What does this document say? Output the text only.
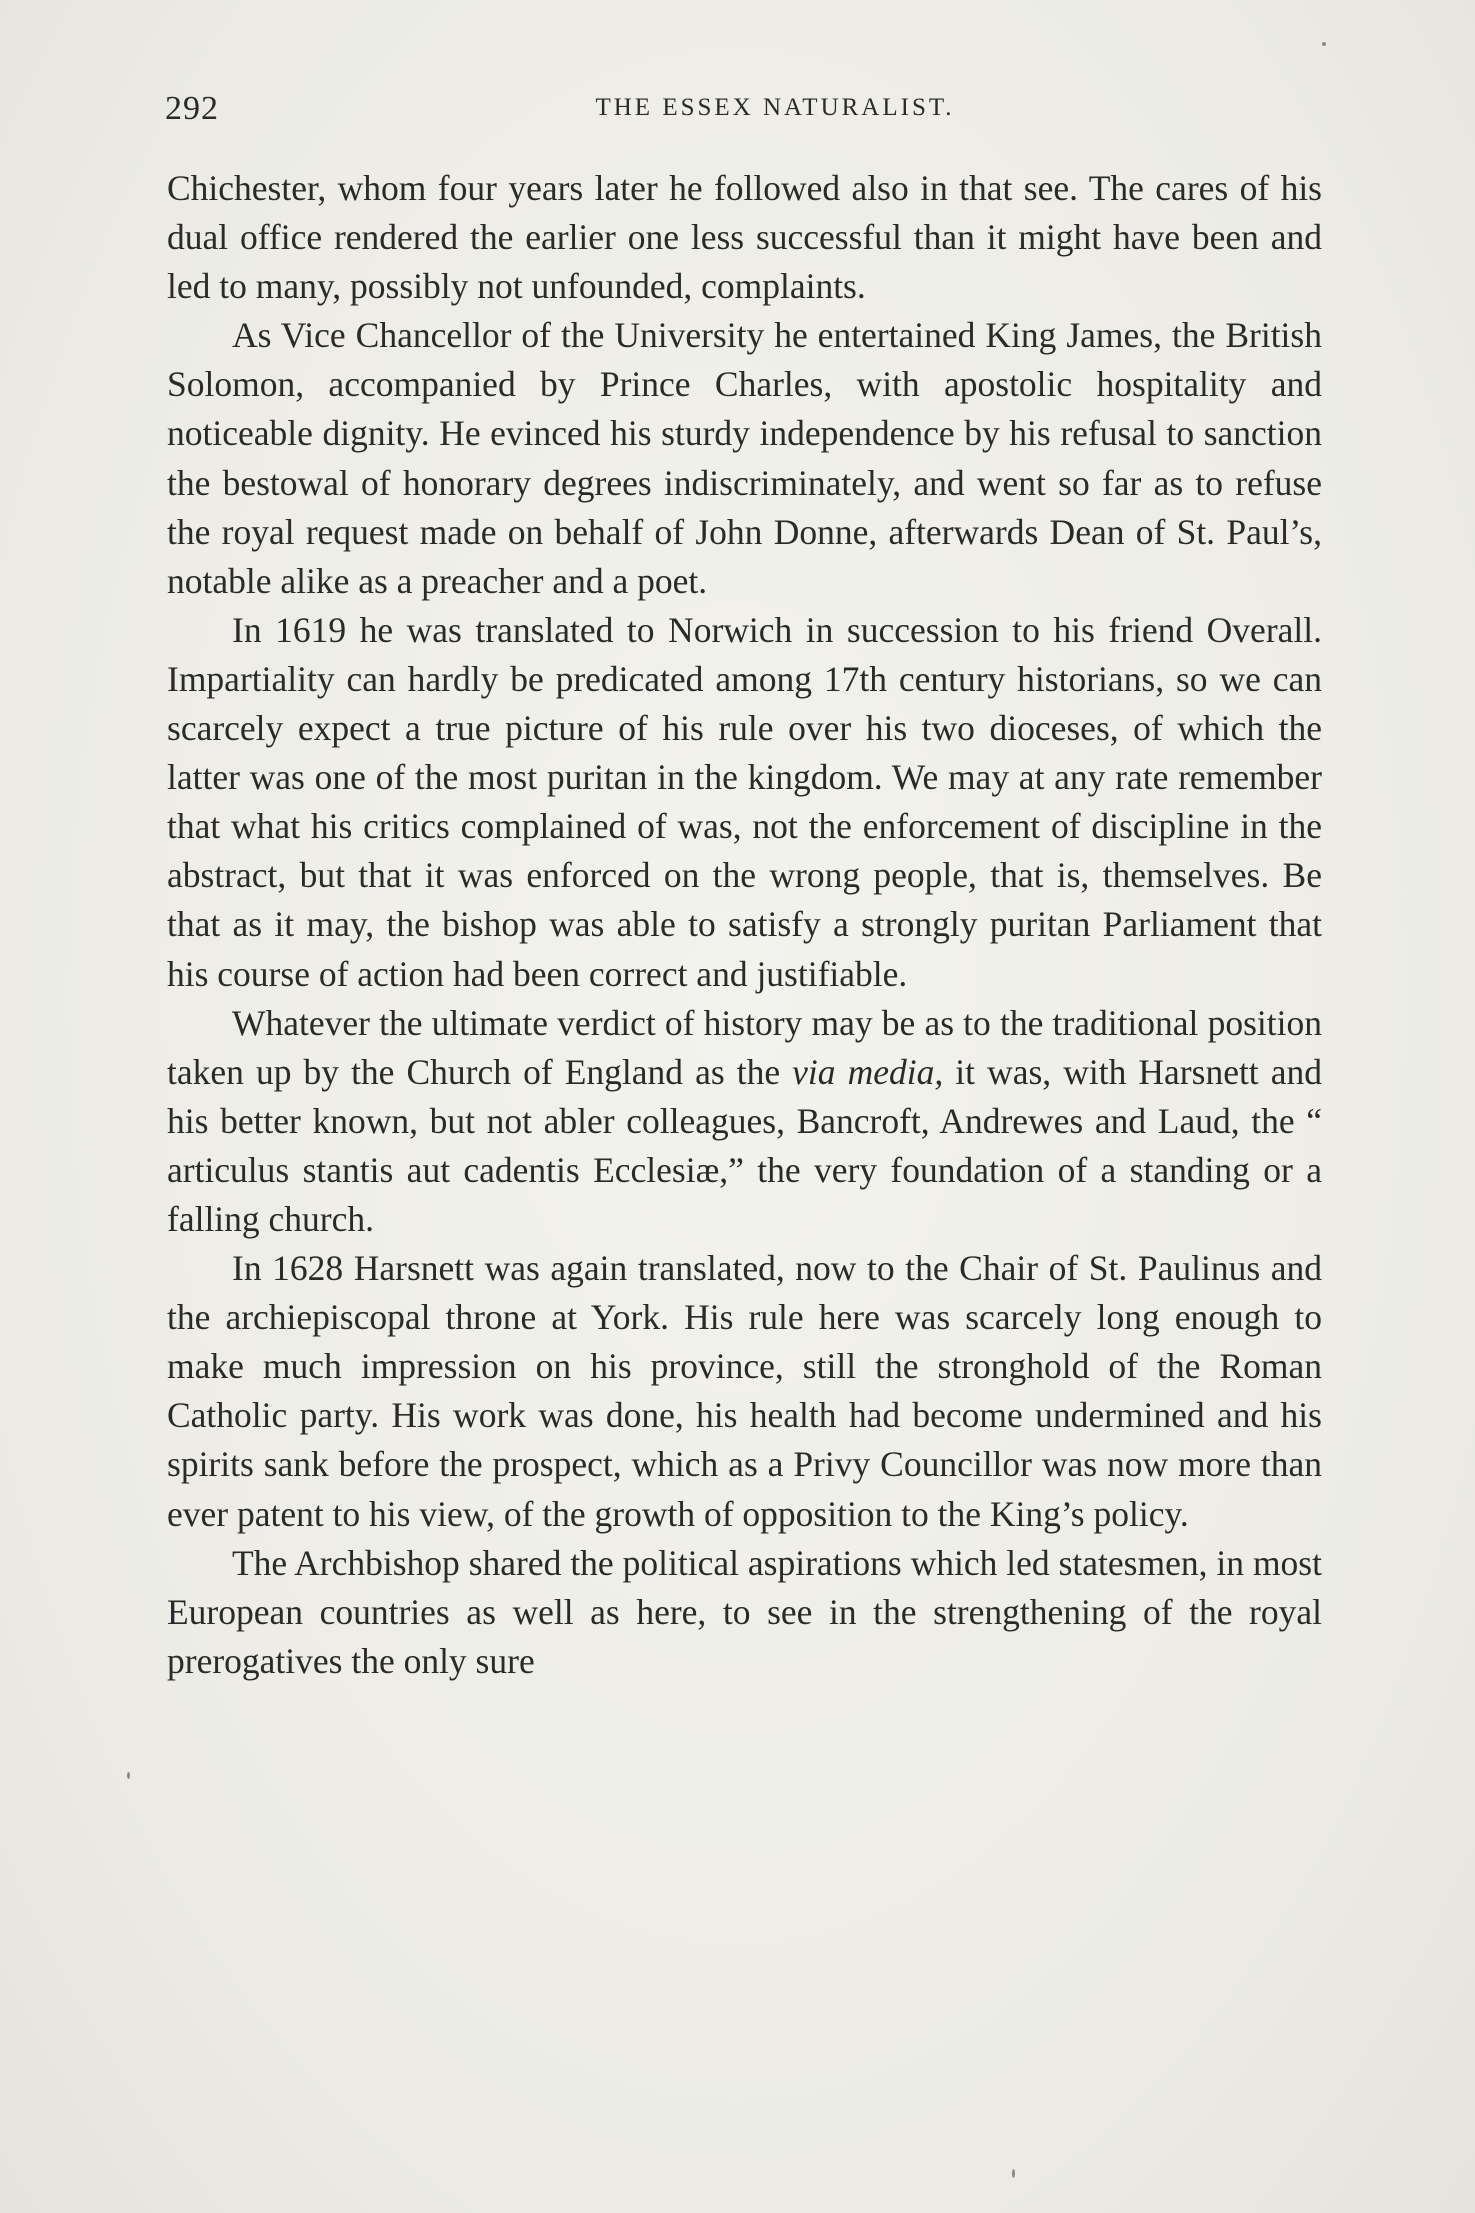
292	THE ESSEX NATURALIST.

Chichester, whom four years later he followed also in that see. The cares of his dual office rendered the earlier one less successful than it might have been and led to many, possibly not unfounded, complaints.

As Vice Chancellor of the University he entertained King James, the British Solomon, accompanied by Prince Charles, with apostolic hospitality and noticeable dignity. He evinced his sturdy independence by his refusal to sanction the bestowal of honorary degrees indiscriminately, and went so far as to refuse the royal request made on behalf of John Donne, afterwards Dean of St. Paul’s, notable alike as a preacher and a poet.

In 1619 he was translated to Norwich in succession to his friend Overall. Impartiality can hardly be predicated among 17th century historians, so we can scarcely expect a true picture of his rule over his two dioceses, of which the latter was one of the most puritan in the kingdom. We may at any rate remember that what his critics complained of was, not the enforcement of discipline in the abstract, but that it was enforced on the wrong people, that is, themselves. Be that as it may, the bishop was able to satisfy a strongly puritan Parliament that his course of action had been correct and justifiable.

Whatever the ultimate verdict of history may be as to the traditional position taken up by the Church of England as the via media, it was, with Harsnett and his better known, but not abler colleagues, Bancroft, Andrewes and Laud, the “ articulus stantis aut cadentis Ecclesiæ,” the very foundation of a standing or a falling church.

In 1628 Harsnett was again translated, now to the Chair of St. Paulinus and the archiepiscopal throne at York. His rule here was scarcely long enough to make much impression on his province, still the stronghold of the Roman Catholic party. His work was done, his health had become undermined and his spirits sank before the prospect, which as a Privy Councillor was now more than ever patent to his view, of the growth of opposition to the King’s policy.

The Archbishop shared the political aspirations which led statesmen, in most European countries as well as here, to see in the strengthening of the royal prerogatives the only sure
